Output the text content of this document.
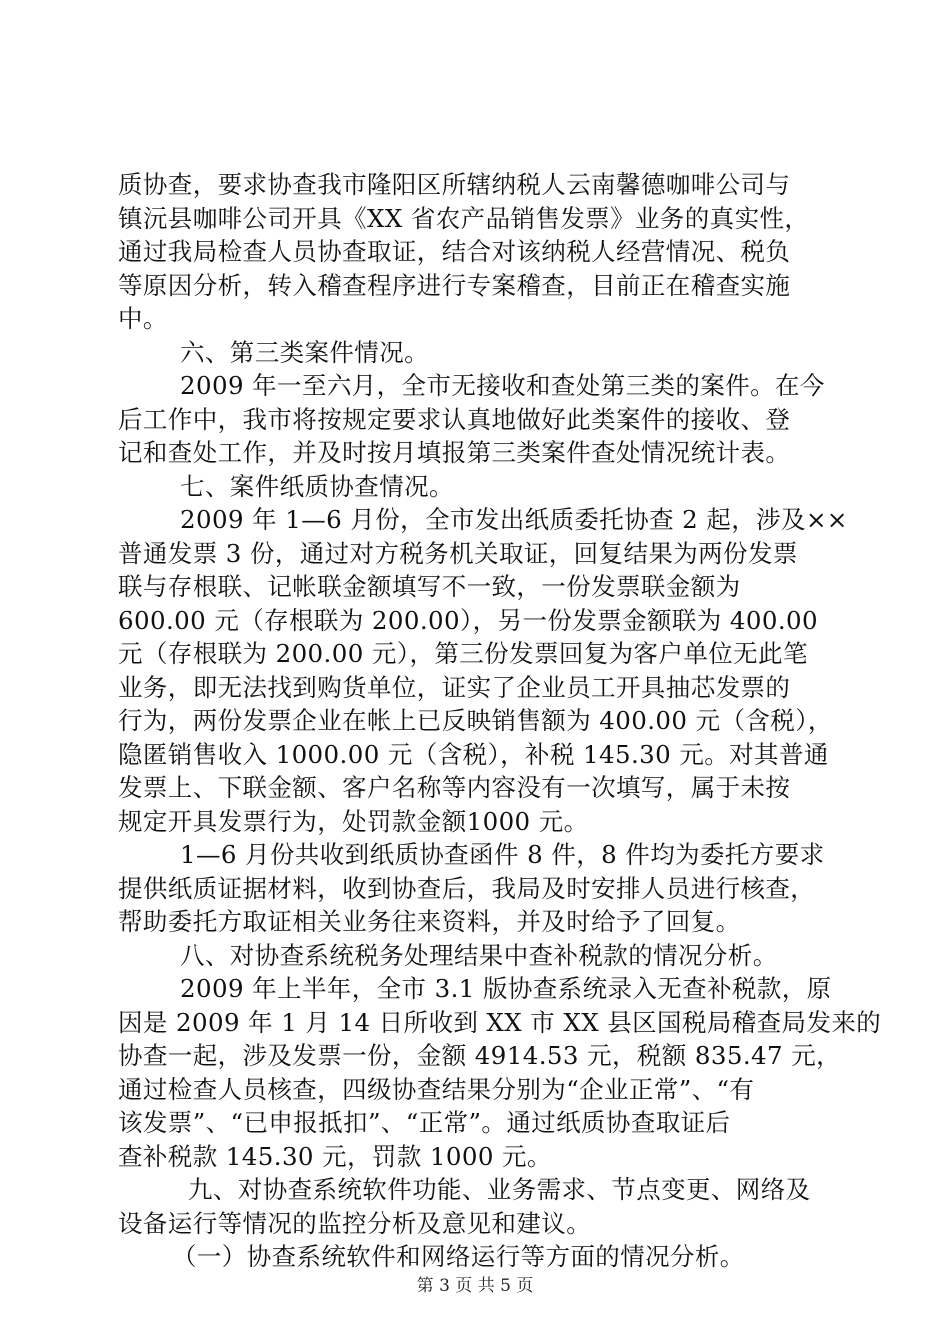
质协查，要求协查我市隆阳区所辖纳税人云南馨德咖啡公司与
镇沅县咖啡公司开具《XX 省农产品销售发票》业务的真实性，
通过我局检查人员协查取证，结合对该纳税人经营情况、税负
等原因分析，转入稽查程序进行专案稽查，目前正在稽查实施
中。
六、第三类案件情况。
2009 年一至六月，全市无接收和查处第三类的案件。在今
后工作中，我市将按规定要求认真地做好此类案件的接收、登
记和查处工作，并及时按月填报第三类案件查处情况统计表。
七、案件纸质协查情况。
2009 年 1—6 月份，全市发出纸质委托协查 2 起，涉及××
普通发票 3 份，通过对方税务机关取证，回复结果为两份发票
联与存根联、记帐联金额填写不一致，一份发票联金额为
600.00 元（存根联为 200.00），另一份发票金额联为 400.00
元（存根联为 200.00 元），第三份发票回复为客户单位无此笔
业务，即无法找到购货单位，证实了企业员工开具抽芯发票的
行为，两份发票企业在帐上已反映销售额为 400.00 元（含税），
隐匿销售收入 1000.00 元（含税），补税 145.30 元。对其普通
发票上、下联金额、客户名称等内容没有一次填写，属于未按
规定开具发票行为，处罚款金额1000 元。
1—6 月份共收到纸质协查函件 8 件，8 件均为委托方要求
提供纸质证据材料，收到协查后，我局及时安排人员进行核查，
帮助委托方取证相关业务往来资料，并及时给予了回复。
八、对协查系统税务处理结果中查补税款的情况分析。
2009 年上半年，全市 3.1 版协查系统录入无查补税款，原
因是 2009 年 1 月 14 日所收到 XX 市 XX 县区国税局稽查局发来的
协查一起，涉及发票一份，金额 4914.53 元，税额 835.47 元，
通过检查人员核查，四级协查结果分别为“企业正常”、“有
该发票”、“已申报抵扣”、“正常”。通过纸质协查取证后
查补税款 145.30 元，罚款 1000 元。
九、对协查系统软件功能、业务需求、节点变更、网络及
设备运行等情况的监控分析及意见和建议。
（一）协查系统软件和网络运行等方面的情况分析。
第 3 页 共 5 页
